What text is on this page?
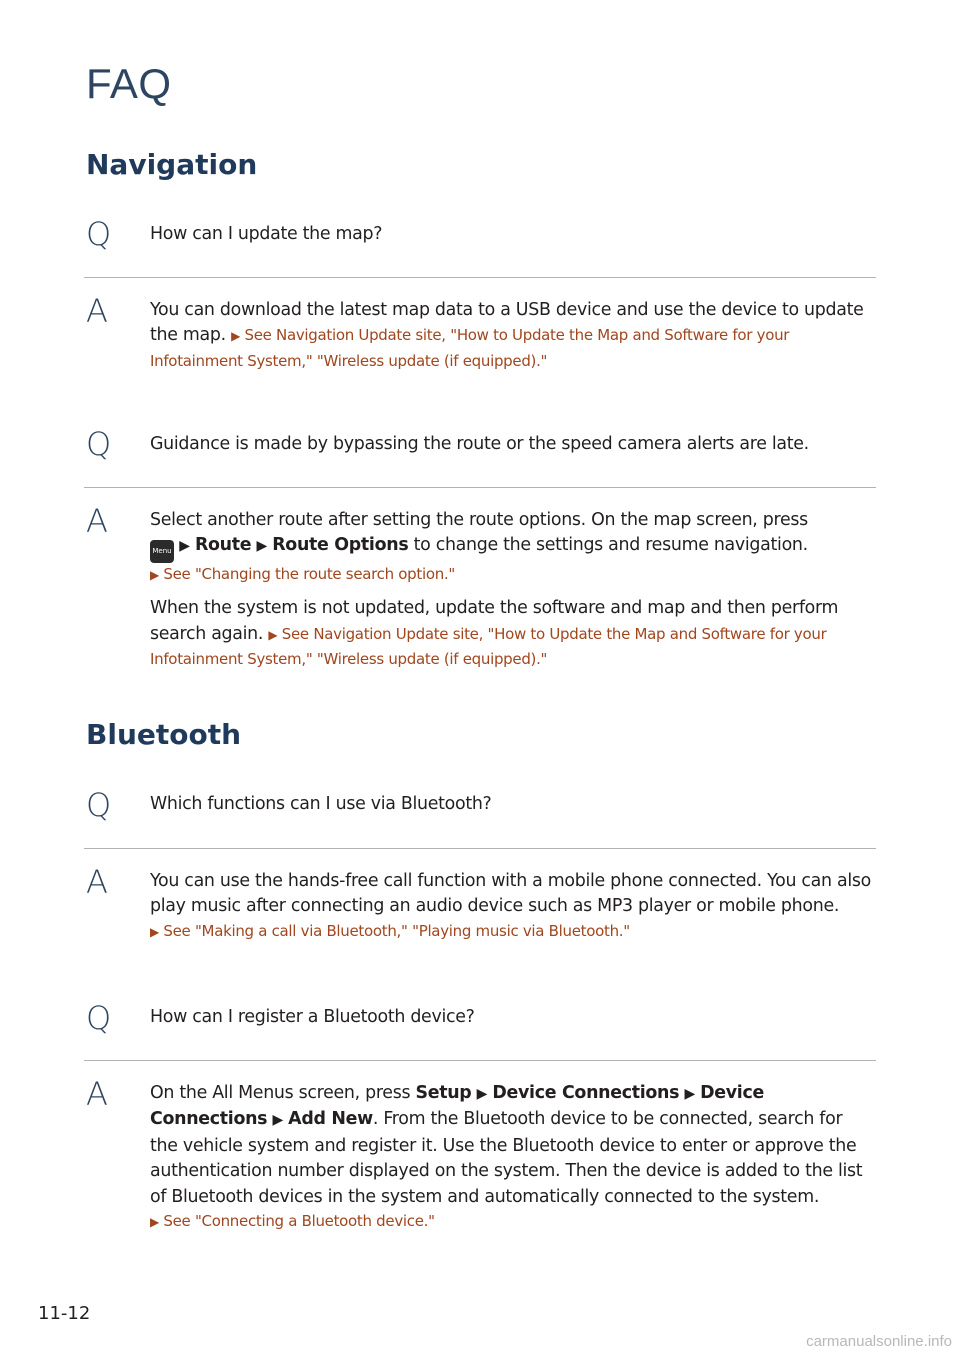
FAQ
Navigation
Q How can I update the map?
A You can download the latest map data to a USB device and use the device to update the map. ▶ See Navigation Update site, "How to Update the Map and Software for your Infotainment System," "Wireless update (if equipped)."

Q Guidance is made by bypassing the route or the speed camera alerts are late.
A Select another route after setting the route options. On the map screen, press
Menu ▶ Route ▶ Route Options to change the settings and resume navigation.
▶ See "Changing the route search option."

When the system is not updated, update the software and map and then perform search again. ▶ See Navigation Update site, "How to Update the Map and Software for your Infotainment System," "Wireless update (if equipped)."

Bluetooth
Q Which functions can I use via Bluetooth?
A You can use the hands-free call function with a mobile phone connected. You can also play music after connecting an audio device such as MP3 player or mobile phone.
▶ See "Making a call via Bluetooth," "Playing music via Bluetooth."

Q How can I register a Bluetooth device?
A On the All Menus screen, press Setup ▶ Device Connections ▶ Device Connections ▶ Add New. From the Bluetooth device to be connected, search for the vehicle system and register it. Use the Bluetooth device to enter or approve the authentication number displayed on the system. Then the device is added to the list of Bluetooth devices in the system and automatically connected to the system.
▶ See "Connecting a Bluetooth device."

11-12
carmanualsonline.info
